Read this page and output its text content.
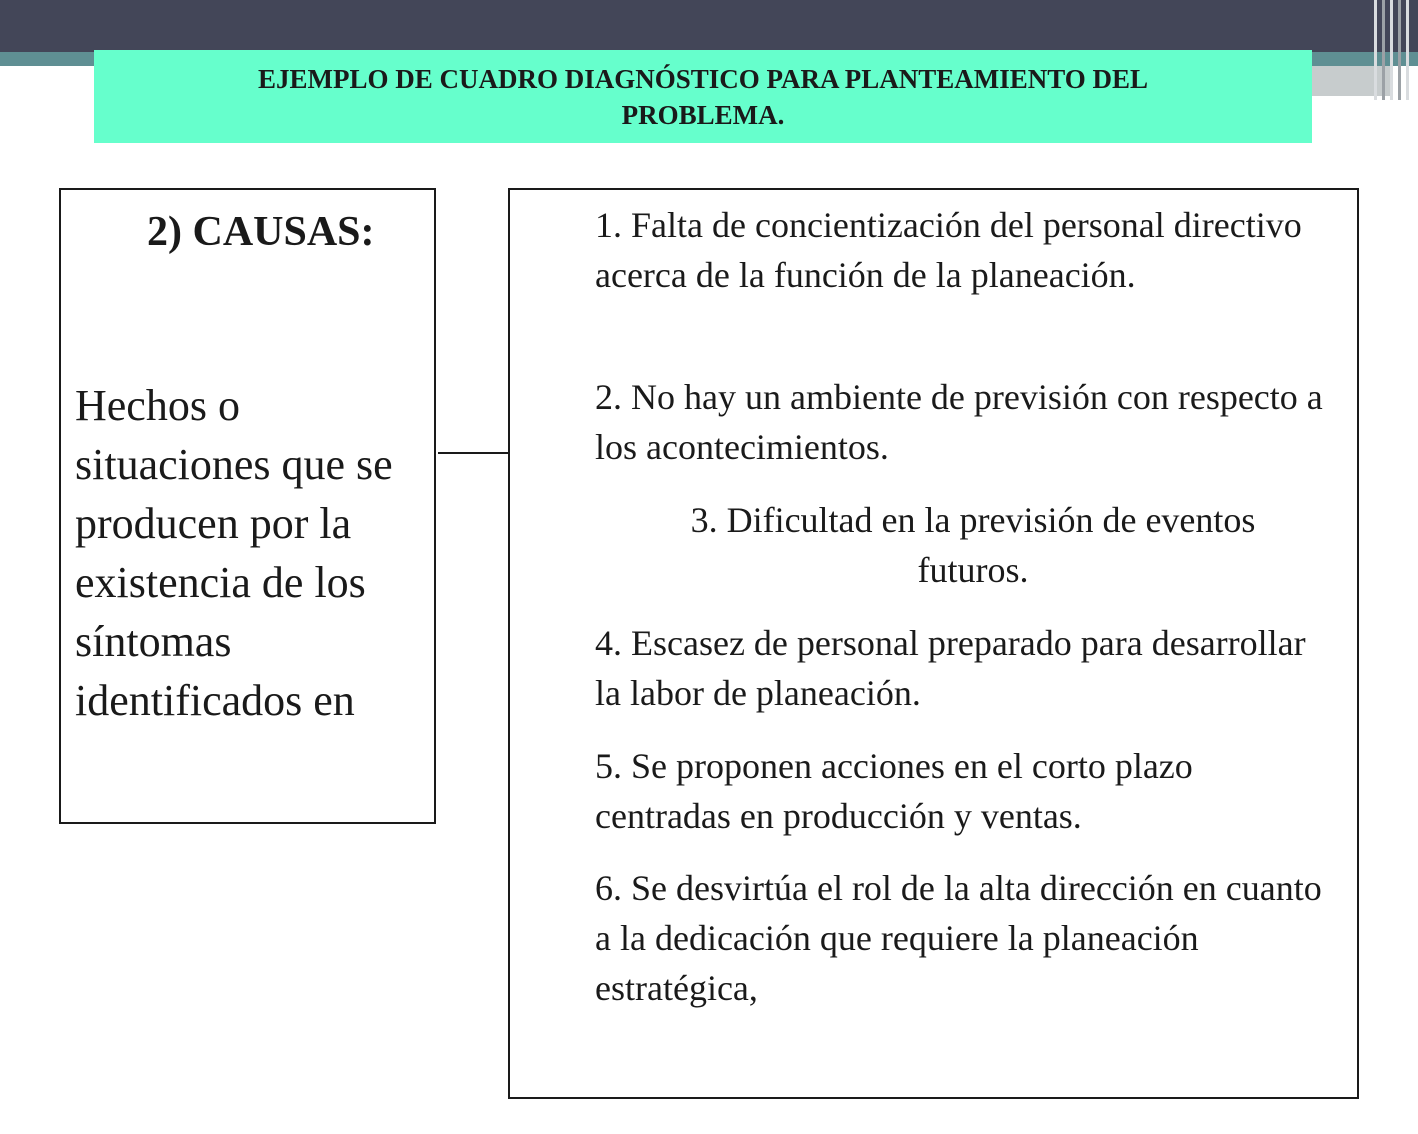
EJEMPLO DE CUADRO DIAGNÓSTICO PARA PLANTEAMIENTO DEL
PROBLEMA.
2) CAUSAS:
Hechos o situaciones que se producen por la existencia de los síntomas identificados en
1. Falta de concientización del personal directivo acerca de la función de la planeación.
2. No hay un ambiente de previsión con respecto a los acontecimientos.
3. Dificultad en la previsión de eventos futuros.
4. Escasez de personal preparado para desarrollar la labor de planeación.
5. Se proponen acciones en el corto plazo centradas en producción y ventas.
6. Se desvirtúa el rol de la alta dirección en cuanto a la dedicación que requiere la planeación estratégica,
